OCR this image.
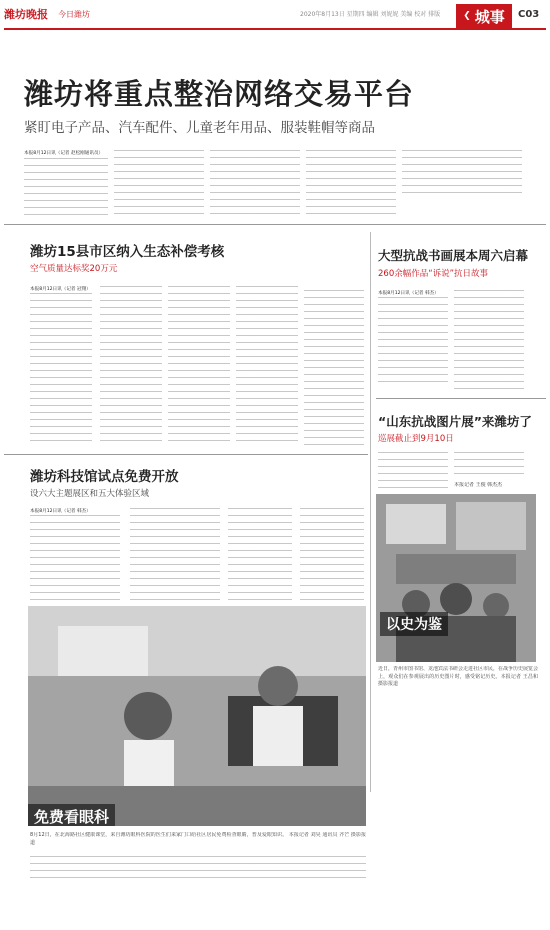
潍坊晚报 今日潍坊	2020年8月13日 星期四 编辑 刘妮妮 美编 校对 排版	❮ 城事 C03
潍坊将重点整治网络交易平台
紧盯电子产品、汽车配件、儿童老年用品、服装鞋帽等商品
本报8月12日讯（记者 赵松刚通讯员）
潍坊15县市区纳入生态补偿考核
空气质量达标奖20万元
本报8月12日讯（记者 冠翔）
大型抗战书画展本周六启幕
260余幅作品“诉说”抗日故事
本报8月12日讯（记者 韩杰）
“山东抗战图片展”来潍坊了
巡展截止到9月10日
本报记者 王俊 韩杰杰
以史为鉴
近日，青州市图书馆、龙池宾法书研会走进社区市民，在战争历史展览会上，观众们在参观展出的历史图片时，感受铭记历史。本报记者 王昌和 摄影报道
潍坊科技馆试点免费开放
设六大主题展区和五大体验区域
本报8月12日讯（记者 韩杰）
免费看眼科
8月12日，在北海路社区健康课堂，来自潍坊眼科医院的医生们来家门口给社区居民免费检查眼睛，普及爱眼知识。 本报记者 刘昊 通讯员 齐芒 摄影报道
